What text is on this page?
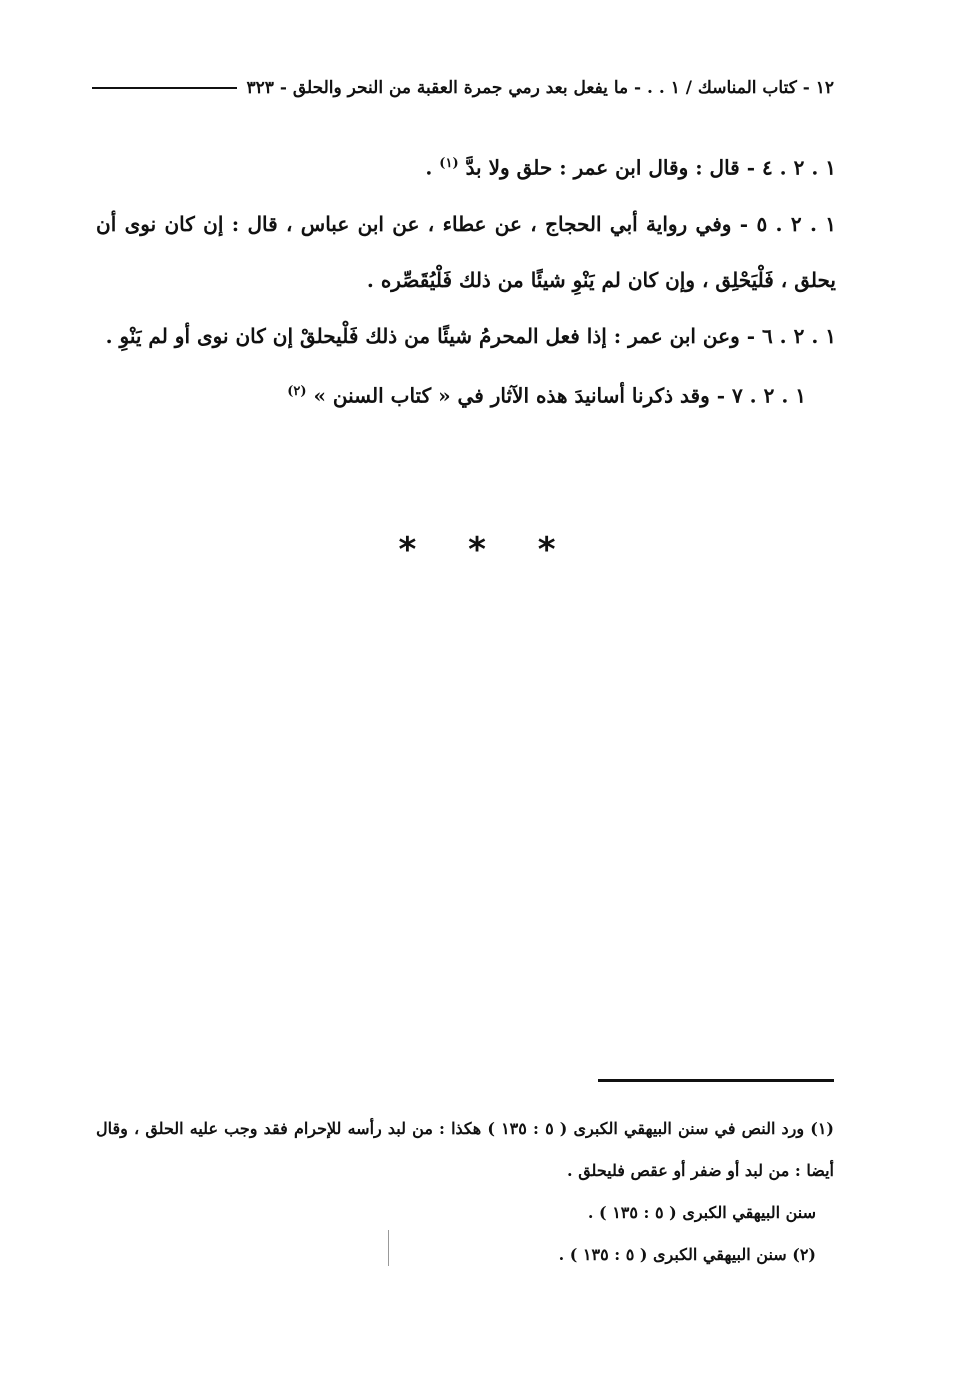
١٢ - كتاب المناسك / ١ . . - ما يفعل بعد رمي جمرة العقبة من النحر والحلق - ٣٢٣

١ . ٢ . ٤ - قال : وقال ابن عمر : حلق ولا بدَّ $^{(١)}$ .

١ . ٢ . ٥ - وفي رواية أبي الحجاج ، عن عطاء ، عن ابن عباس ، قال : إن كان نوى أن يحلق ، فَلْيَحْلِق ، وإن كان لم يَنْوِ شيئًا من ذلك فَلْيُقَصِّره .

١ . ٢ . ٦ - وعن ابن عمر : إذا فعل المحرمُ شيئًا من ذلك فَلْيحلقْ إن كان نوى أو لم يَنْوِ .

١ . ٢ . ٧ - وقد ذكرنا أسانيدَ هذه الآثار في « كتاب السنن » $^{(٢)}$

* * *

(١) ورد النص في سنن البيهقي الكبرى ( ٥ : ١٣٥ ) هكذا : من لبد رأسه للإحرام فقد وجب عليه الحلق ، وقال أيضا : من لبد أو ضفر أو عقص فليحلق .

سنن البيهقي الكبرى ( ٥ : ١٣٥ ) .

(٢) سنن البيهقي الكبرى ( ٥ : ١٣٥ ) .
